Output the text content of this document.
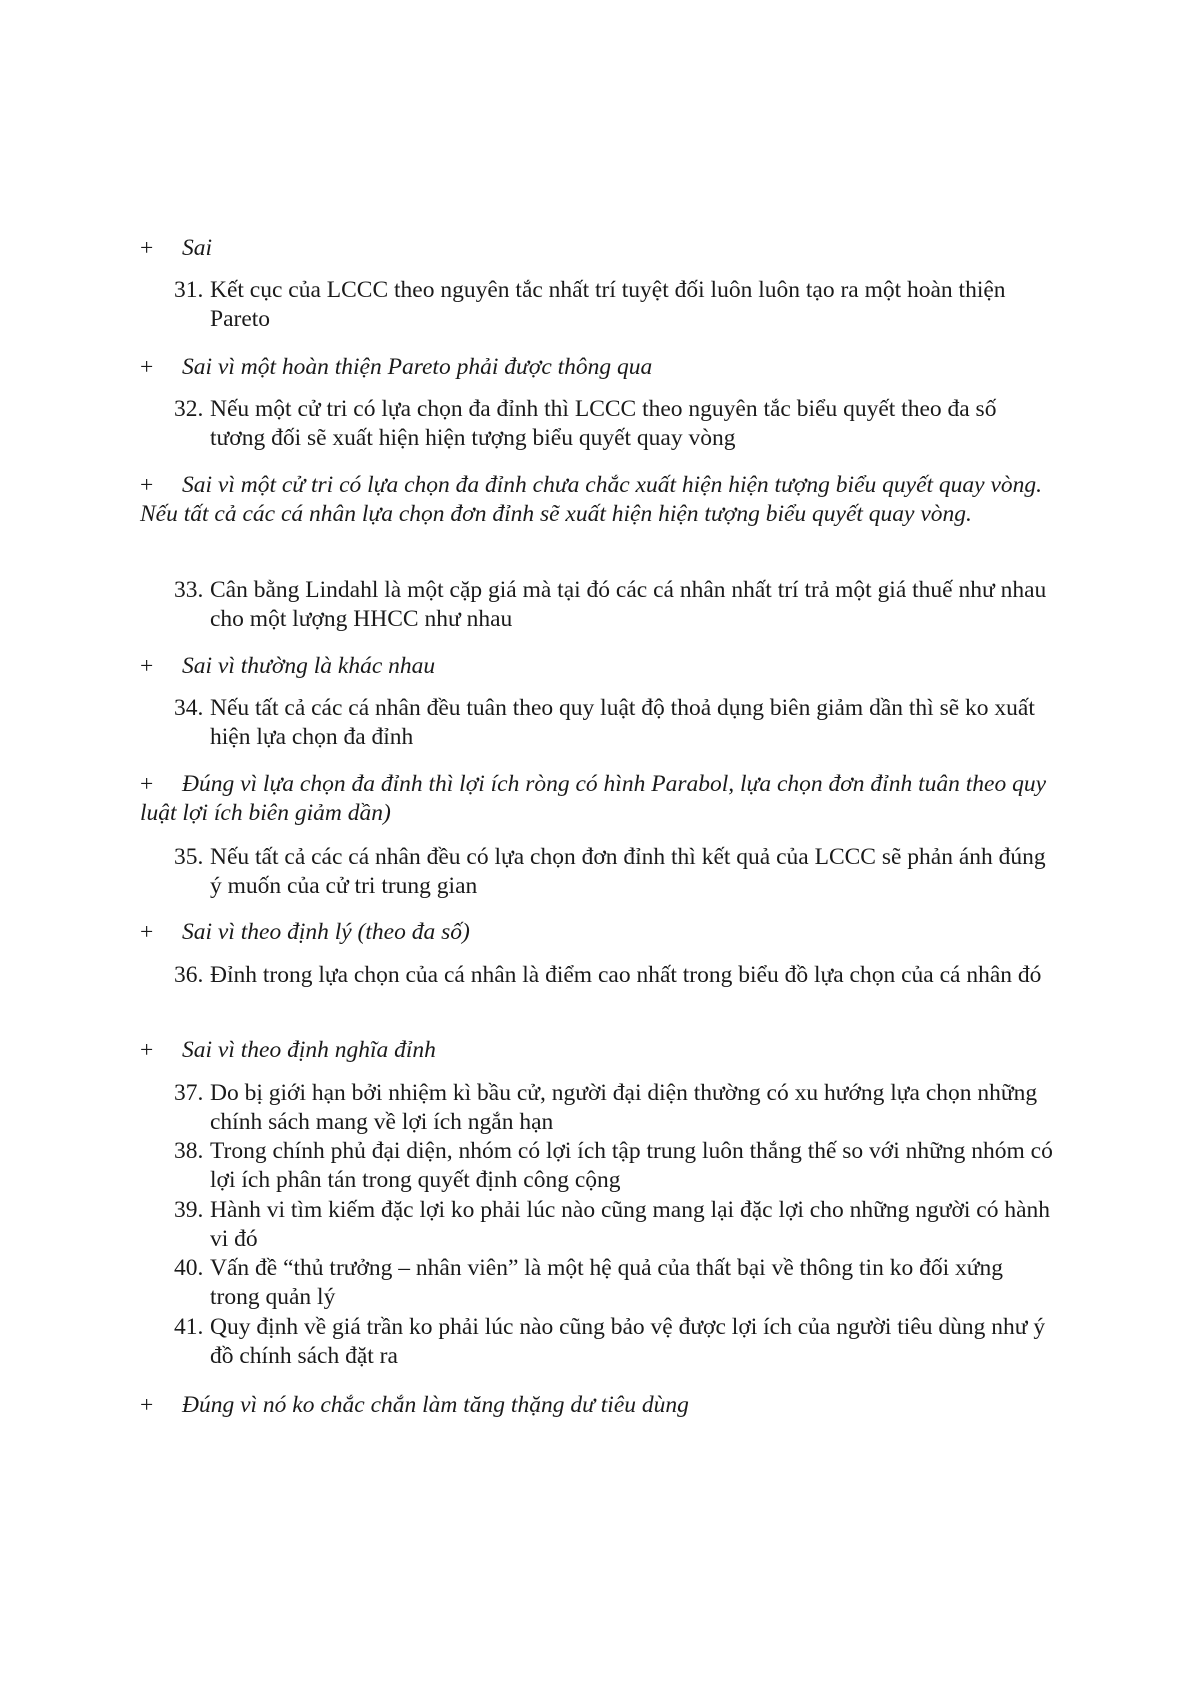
+ Sai
31. Kết cục của LCCC theo nguyên tắc nhất trí tuyệt đối luôn luôn tạo ra một hoàn thiện Pareto
+ Sai vì một hoàn thiện Pareto phải được thông qua
32. Nếu một cử tri có lựa chọn đa đỉnh thì LCCC theo nguyên tắc biểu quyết theo đa số tương đối sẽ xuất hiện hiện tượng biểu quyết quay vòng
+ Sai vì một cử tri có lựa chọn đa đỉnh chưa chắc xuất hiện hiện tượng biểu quyết quay vòng. Nếu tất cả các cá nhân lựa chọn đơn đỉnh sẽ xuất hiện hiện tượng biểu quyết quay vòng.
33. Cân bằng Lindahl là một cặp giá mà tại đó các cá nhân nhất trí trả một giá thuế như nhau cho một lượng HHCC như nhau
+ Sai vì thường là khác nhau
34. Nếu tất cả các cá nhân đều tuân theo quy luật độ thoả dụng biên giảm dần thì sẽ ko xuất hiện lựa chọn đa đỉnh
+ Đúng vì lựa chọn đa đỉnh thì lợi ích ròng có hình Parabol, lựa chọn đơn đỉnh tuân theo quy luật lợi ích biên giảm dần)
35. Nếu tất cả các cá nhân đều có lựa chọn đơn đỉnh thì kết quả của LCCC sẽ phản ánh đúng ý muốn của cử tri trung gian
+ Sai vì theo định lý (theo đa số)
36. Đỉnh trong lựa chọn của cá nhân là điểm cao nhất trong biểu đồ lựa chọn của cá nhân đó
+ Sai vì theo định nghĩa đỉnh
37. Do bị giới hạn bởi nhiệm kì bầu cử, người đại diện thường có xu hướng lựa chọn những chính sách mang về lợi ích ngắn hạn
38. Trong chính phủ đại diện, nhóm có lợi ích tập trung luôn thắng thế so với những nhóm có lợi ích phân tán trong quyết định công cộng
39. Hành vi tìm kiếm đặc lợi ko phải lúc nào cũng mang lại đặc lợi cho những người có hành vi đó
40. Vấn đề “thủ trưởng – nhân viên” là một hệ quả của thất bại về thông tin ko đối xứng trong quản lý
41. Quy định về giá trần ko phải lúc nào cũng bảo vệ được lợi ích của người tiêu dùng như ý đồ chính sách đặt ra
+ Đúng vì nó ko chắc chắn làm tăng thặng dư tiêu dùng
